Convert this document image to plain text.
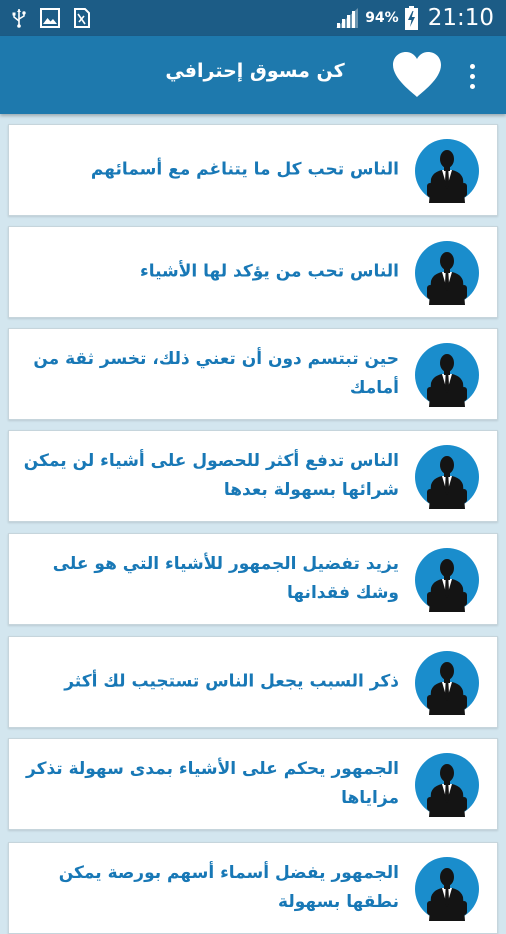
94% 21:10
كن مسوق إحترافي
الناس تحب كل ما يتناغم مع أسمائهم
الناس تحب من يؤكد لها الأشياء
حين تبتسم دون أن تعني ذلك، تخسر ثقة من أمامك
الناس تدفع أكثر للحصول على أشياء لن يمكن شرائها بسهولة بعدها
يزيد تفضيل الجمهور للأشياء التي هو على وشك فقدانها
ذكر السبب يجعل الناس تستجيب لك أكثر
الجمهور يحكم على الأشياء بمدى سهولة تذكر مزاياها
الجمهور يفضل أسماء أسهم بورصة يمكن نطقها بسهولة
